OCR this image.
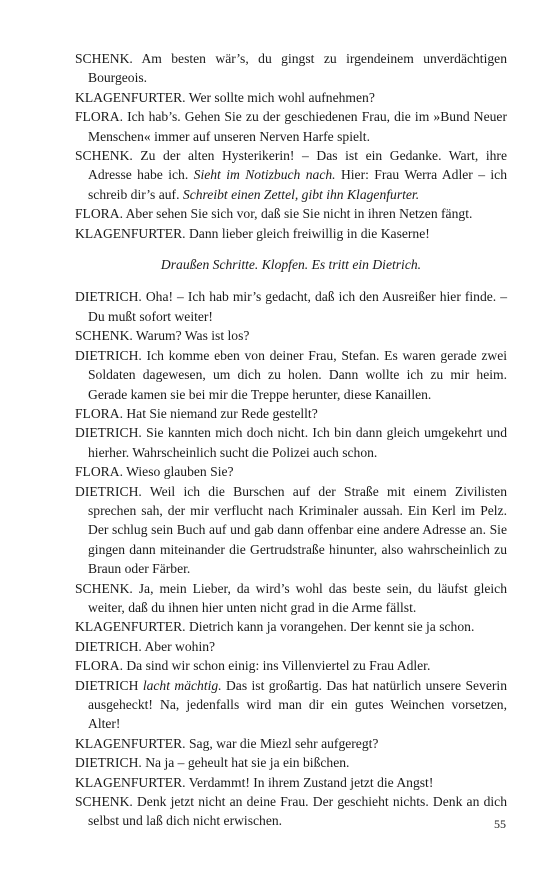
SCHENK. Am besten wär’s, du gingst zu irgendeinem unverdächtigen Bourgeois.

KLAGENFURTER. Wer sollte mich wohl aufnehmen?

FLORA. Ich hab’s. Gehen Sie zu der geschiedenen Frau, die im »Bund Neuer Menschen« immer auf unseren Nerven Harfe spielt.

SCHENK. Zu der alten Hysterikerin! – Das ist ein Gedanke. Wart, ihre Adresse habe ich. Sieht im Notizbuch nach. Hier: Frau Werra Adler – ich schreib dir’s auf. Schreibt einen Zettel, gibt ihn Klagenfurter.

FLORA. Aber sehen Sie sich vor, daß sie Sie nicht in ihren Netzen fängt.

KLAGENFURTER. Dann lieber gleich freiwillig in die Kaserne!

Draußen Schritte. Klopfen. Es tritt ein Dietrich.

DIETRICH. Oha! – Ich hab mir’s gedacht, daß ich den Ausreißer hier finde. – Du mußt sofort weiter!

SCHENK. Warum? Was ist los?

DIETRICH. Ich komme eben von deiner Frau, Stefan. Es waren gerade zwei Soldaten dagewesen, um dich zu holen. Dann wollte ich zu mir heim. Gerade kamen sie bei mir die Treppe herunter, diese Kanaillen.

FLORA. Hat Sie niemand zur Rede gestellt?

DIETRICH. Sie kannten mich doch nicht. Ich bin dann gleich umgekehrt und hierher. Wahrscheinlich sucht die Polizei auch schon.

FLORA. Wieso glauben Sie?

DIETRICH. Weil ich die Burschen auf der Straße mit einem Zivilisten sprechen sah, der mir verflucht nach Kriminaler aussah. Ein Kerl im Pelz. Der schlug sein Buch auf und gab dann offenbar eine andere Adresse an. Sie gingen dann miteinander die Gertrudstraße hinunter, also wahrscheinlich zu Braun oder Färber.

SCHENK. Ja, mein Lieber, da wird’s wohl das beste sein, du läufst gleich weiter, daß du ihnen hier unten nicht grad in die Arme fällst.

KLAGENFURTER. Dietrich kann ja vorangehen. Der kennt sie ja schon.

DIETRICH. Aber wohin?

FLORA. Da sind wir schon einig: ins Villenviertel zu Frau Adler.

DIETRICH lacht mächtig. Das ist großartig. Das hat natürlich unsere Severin ausgeheckt! Na, jedenfalls wird man dir ein gutes Weinchen vorsetzen, Alter!

KLAGENFURTER. Sag, war die Miezl sehr aufgeregt?

DIETRICH. Na ja – geheult hat sie ja ein bißchen.

KLAGENFURTER. Verdammt! In ihrem Zustand jetzt die Angst!

SCHENK. Denk jetzt nicht an deine Frau. Der geschieht nichts. Denk an dich selbst und laß dich nicht erwischen.	55
